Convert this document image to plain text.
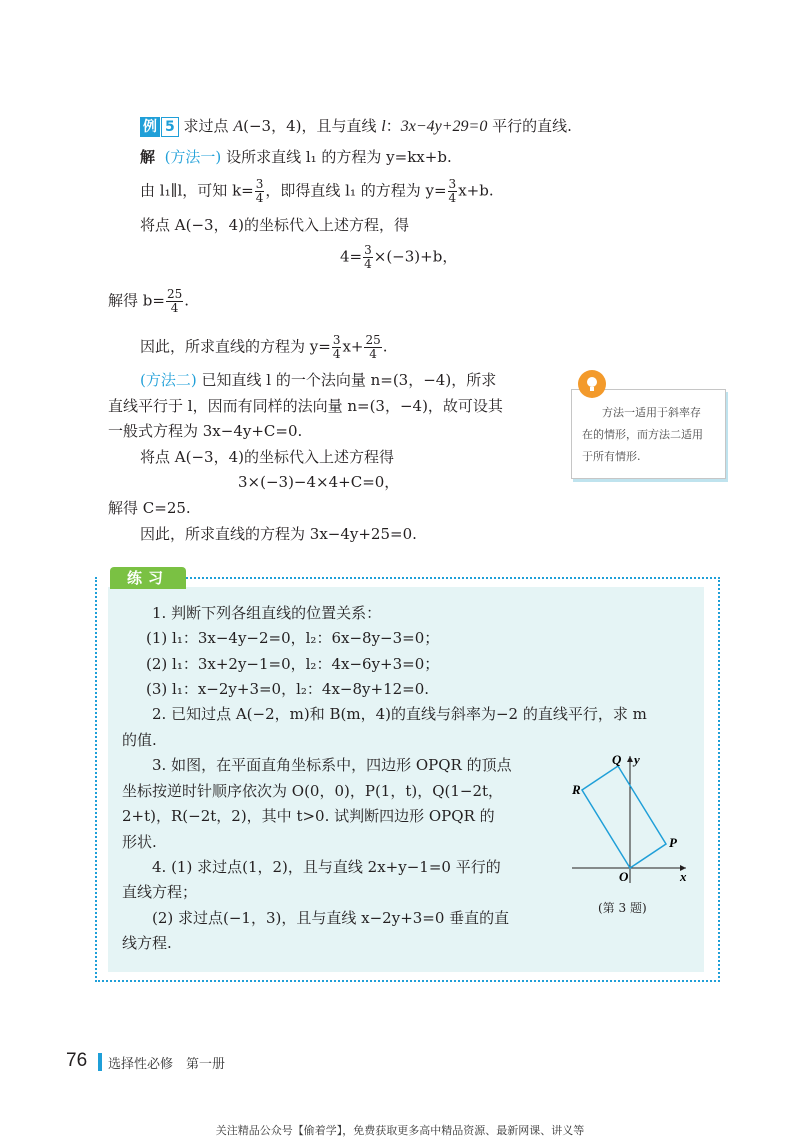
例 5 求过点 A(−3，4)，且与直线 l：3x−4y+29=0 平行的直线.
解 (方法一) 设所求直线 l₁ 的方程为 y=kx+b.
由 l₁∥l，可知 $k= \frac{3}{4}$ ，即得直线 l₁ 的方程为 $y= \frac{3}{4} x+b$.
将点 A(−3，4)的坐标代入上述方程，得
$4= \frac{3}{4} \times(-3)+b$，
解得 $b= \frac{25}{4}$ .
因此，所求直线的方程为 $y= \frac{3}{4} x+ \frac{25}{4}$ .
(方法二) 已知直线 l 的一个法向量 n=(3，−4)，所求
直线平行于 l，因而有同样的法向量 n=(3，−4)，故可设其
一般式方程为 3x−4y+C=0.
将点 A(−3，4)的坐标代入上述方程得
3×(−3)−4×4+C=0，
解得 C=25.
因此，所求直线的方程为 3x−4y+25=0.
方法一适用于斜率存
在的情形，而方法二适用
于所有情形.
练习
1. 判断下列各组直线的位置关系：
(1) l₁：3x−4y−2=0，l₂：6x−8y−3=0；
(2) l₁：3x+2y−1=0，l₂：4x−6y+3=0；
(3) l₁：x−2y+3=0，l₂：4x−8y+12=0.
2. 已知过点 A(−2，m)和 B(m，4)的直线与斜率为−2 的直线平行，求 m
的值.
3. 如图，在平面直角坐标系中，四边形 OPQR 的顶点
坐标按逆时针顺序依次为 O(0，0)，P(1，t)，Q(1−2t，
2+t)，R(−2t，2)，其中 t>0. 试判断四边形 OPQR 的
形状.
4. (1) 求过点(1，2)，且与直线 2x+y−1=0 平行的
直线方程；
(2) 求过点(−1，3)，且与直线 x−2y+3=0 垂直的直
线方程.
Q y
R
P
O	x
(第 3 题)
76 选择性必修　第一册
关注精品公众号【偷着学】，免费获取更多高中精品资源、最新网课、讲义等
